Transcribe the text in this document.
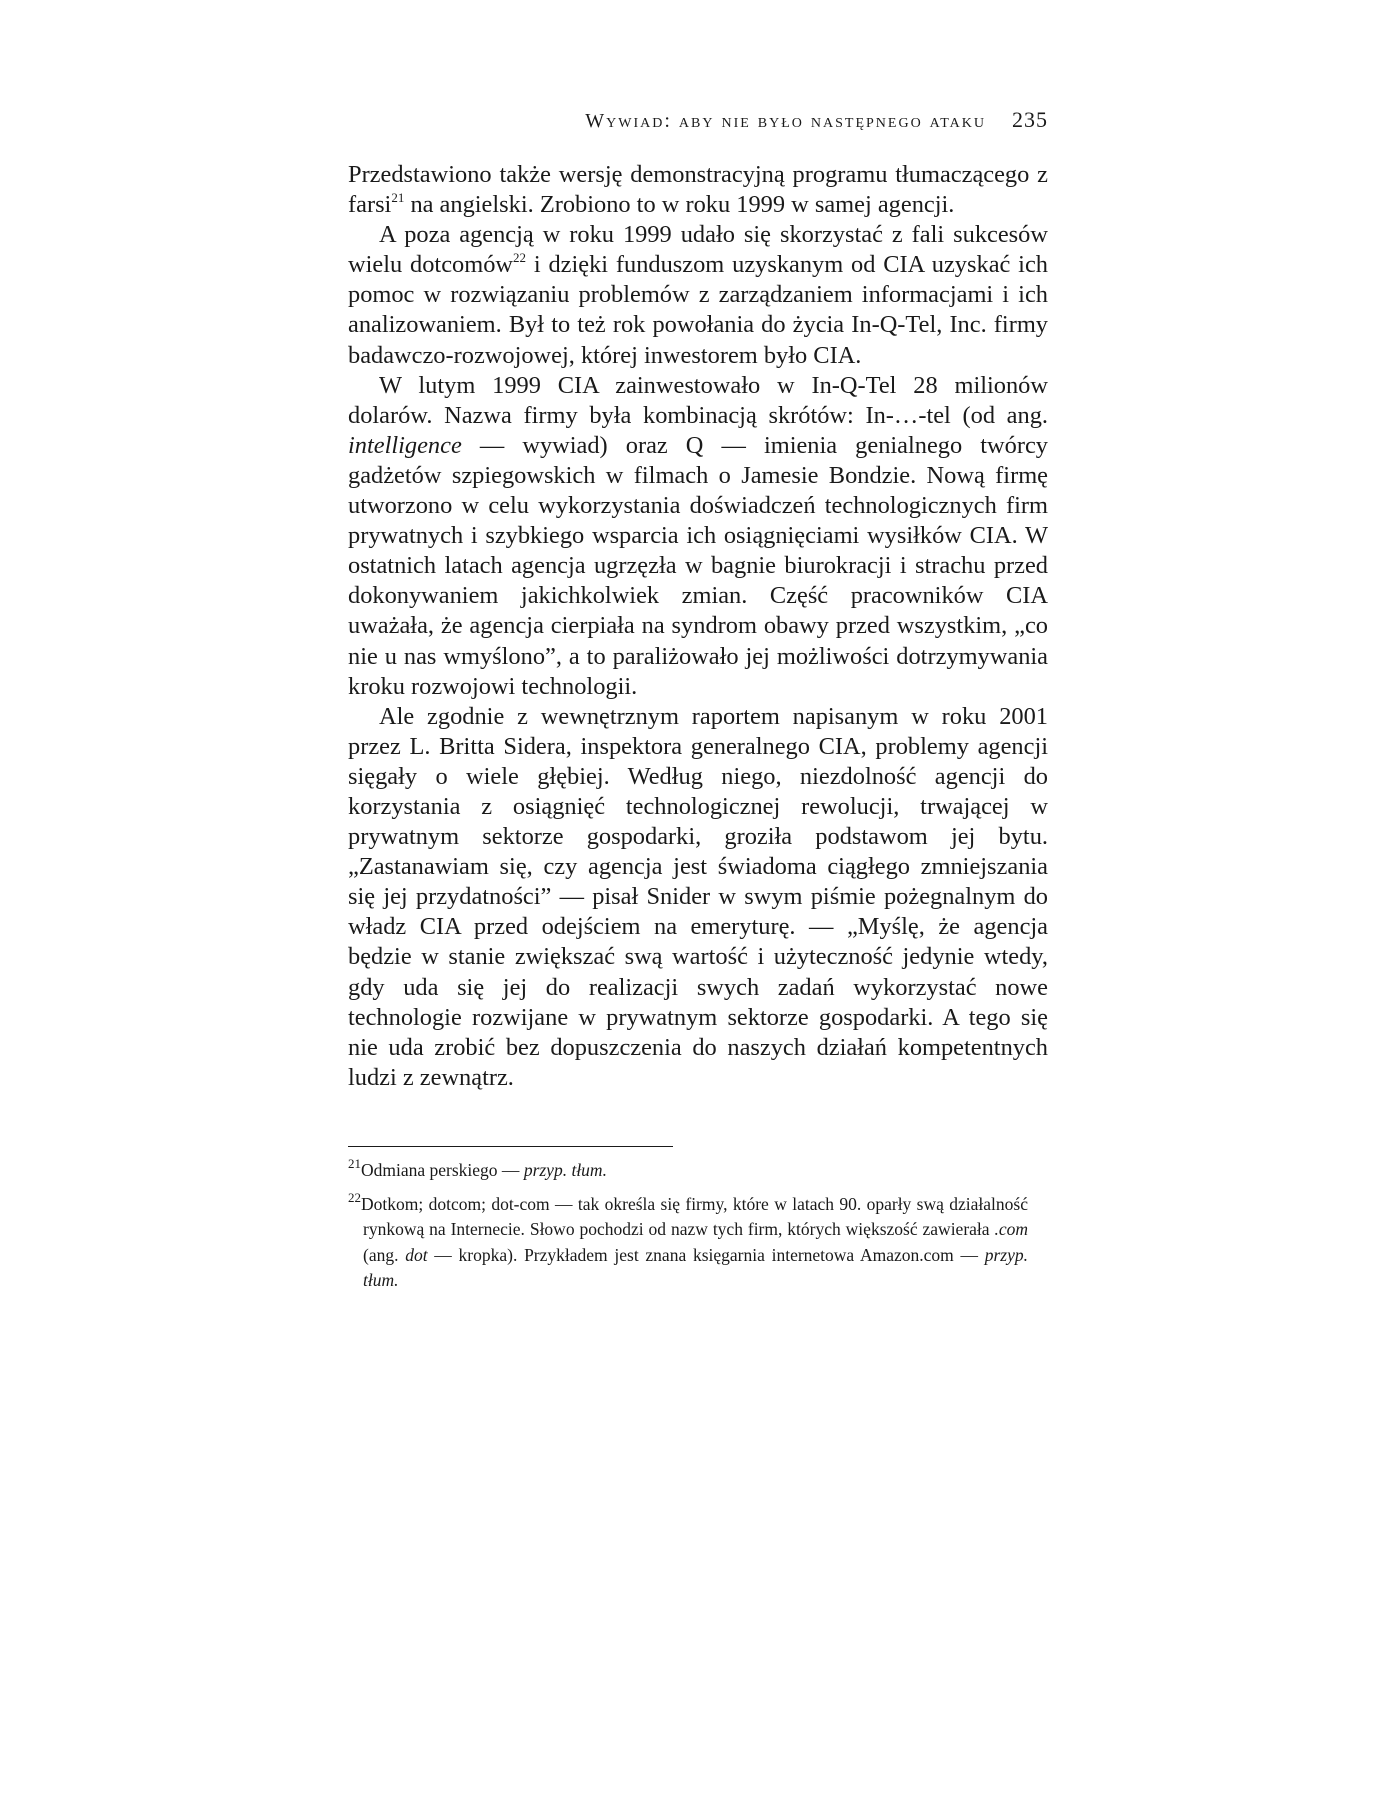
Wywiad: aby nie było następnego ataku 235

Przedstawiono także wersję demonstracyjną programu tłumaczącego z farsi$^{21}$ na angielski. Zrobiono to w roku 1999 w samej agencji.

A poza agencją w roku 1999 udało się skorzystać z fali sukcesów wielu dotcomów$^{22}$ i dzięki funduszom uzyskanym od CIA uzyskać ich pomoc w rozwiązaniu problemów z zarządzaniem informacjami i ich analizowaniem. Był to też rok powołania do życia In-Q-Tel, Inc. firmy badawczo-rozwojowej, której inwestorem było CIA.

W lutym 1999 CIA zainwestowało w In-Q-Tel 28 milionów dolarów. Nazwa firmy była kombinacją skrótów: In-…-tel (od ang. intelligence — wywiad) oraz Q — imienia genialnego twórcy gadżetów szpiegowskich w filmach o Jamesie Bondzie. Nową firmę utworzono w celu wykorzystania doświadczeń technologicznych firm prywatnych i szybkiego wsparcia ich osiągnięciami wysiłków CIA. W ostatnich latach agencja ugrzęzła w bagnie biurokracji i strachu przed dokonywaniem jakichkolwiek zmian. Część pracowników CIA uważała, że agencja cierpiała na syndrom obawy przed wszystkim, „co nie u nas wmyślono”, a to paraliżowało jej możliwości dotrzymywania kroku rozwojowi technologii.

Ale zgodnie z wewnętrznym raportem napisanym w roku 2001 przez L. Britta Sidera, inspektora generalnego CIA, problemy agencji sięgały o wiele głębiej. Według niego, niezdolność agencji do korzystania z osiągnięć technologicznej rewolucji, trwającej w prywatnym sektorze gospodarki, groziła podstawom jej bytu. „Zastanawiam się, czy agencja jest świadoma ciągłego zmniejszania się jej przydatności” — pisał Snider w swym piśmie pożegnalnym do władz CIA przed odejściem na emeryturę. — „Myślę, że agencja będzie w stanie zwiększać swą wartość i użyteczność jedynie wtedy, gdy uda się jej do realizacji swych zadań wykorzystać nowe technologie rozwijane w prywatnym sektorze gospodarki. A tego się nie uda zrobić bez dopuszczenia do naszych działań kompetentnych ludzi z zewnątrz.

$^{21}$Odmiana perskiego — przyp. tłum.

$^{22}$Dotkom; dotcom; dot-com — tak określa się firmy, które w latach 90. oparły swą działalność rynkową na Internecie. Słowo pochodzi od nazw tych firm, których większość zawierała .com (ang. dot — kropka). Przykładem jest znana księgarnia internetowa Amazon.com — przyp. tłum.
